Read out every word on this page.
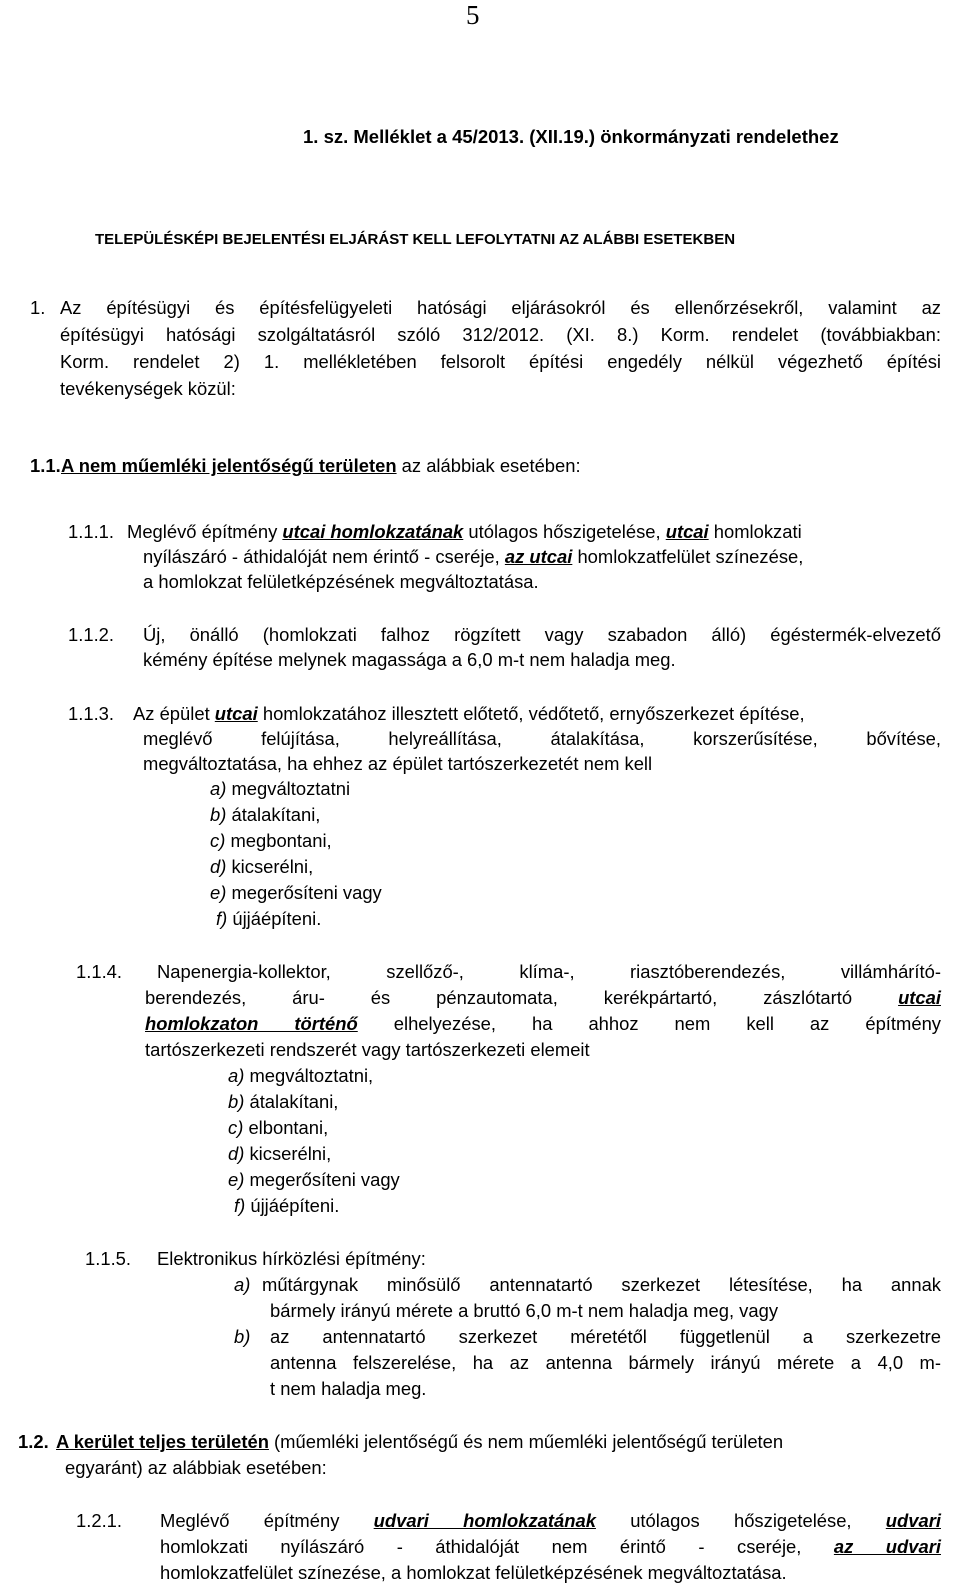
5
1. sz. Melléklet a 45/2013. (XII.19.) önkormányzati rendelethez
TELEPÜLÉSKÉPI BEJELENTÉSI ELJÁRÁST KELL LEFOLYTATNI AZ ALÁBBI ESETEKBEN
1. Az építésügyi és építésfelügyeleti hatósági eljárásokról és ellenőrzésekről, valamint az
építésügyi hatósági szolgáltatásról szóló 312/2012. (XI. 8.) Korm. rendelet (továbbiakban:
Korm. rendelet 2) 1. mellékletében felsorolt építési engedély nélkül végezhető építési
tevékenységek közül:
1.1. A nem műemléki jelentőségű területen az alábbiak esetében:
1.1.1. Meglévő építmény utcai homlokzatának utólagos hőszigetelése, utcai homlokzati
nyílászáró - áthidalóját nem érintő - cseréje, az utcai homlokzatfelület színezése,
a homlokzat felületképzésének megváltoztatása.
1.1.2. Új, önálló (homlokzati falhoz rögzített vagy szabadon álló) égéstermék-elvezető
kémény építése melynek magassága a 6,0 m-t nem haladja meg.
1.1.3. Az épület utcai homlokzatához illesztett előtető, védőtető, ernyőszerkezet építése,
meglévő felújítása, helyreállítása, átalakítása, korszerűsítése, bővítése,
megváltoztatása, ha ehhez az épület tartószerkezetét nem kell
a) megváltoztatni
b) átalakítani,
c) megbontani,
d) kicserélni,
e) megerősíteni vagy
f) újjáépíteni.
1.1.4. Napenergia-kollektor, szellőző-, klíma-, riasztóberendezés, villámhárító-
berendezés, áru- és pénzautomata, kerékpártartó, zászlótartó utcai
homlokzaton történő elhelyezése, ha ahhoz nem kell az építmény
tartószerkezeti rendszerét vagy tartószerkezeti elemeit
a) megváltoztatni,
b) átalakítani,
c) elbontani,
d) kicserélni,
e) megerősíteni vagy
f) újjáépíteni.
1.1.5. Elektronikus hírközlési építmény:
a) műtárgynak minősülő antennatartó szerkezet létesítése, ha annak
bármely irányú mérete a bruttó 6,0 m-t nem haladja meg, vagy
b) az antennatartó szerkezet méretétől függetlenül a szerkezetre
antenna felszerelése, ha az antenna bármely irányú mérete a 4,0 m-
t nem haladja meg.
1.2. A kerület teljes területén (műemléki jelentőségű és nem műemléki jelentőségű területen
egyaránt) az alábbiak esetében:
1.2.1. Meglévő építmény udvari homlokzatának utólagos hőszigetelése, udvari
homlokzati nyílászáró - áthidalóját nem érintő - cseréje, az udvari
homlokzatfelület színezése, a homlokzat felületképzésének megváltoztatása.
